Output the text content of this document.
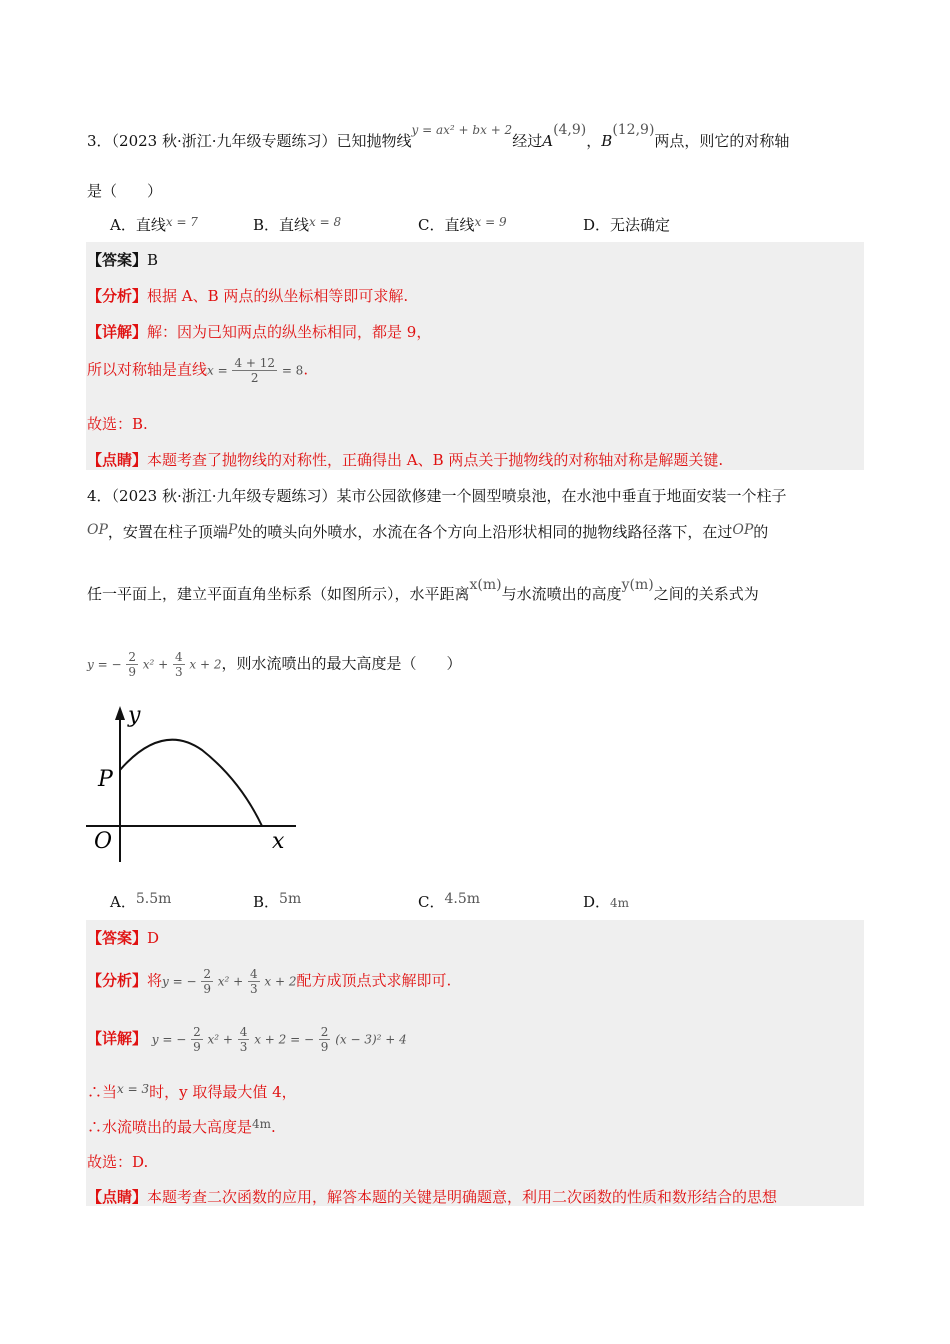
3．（2023 秋·浙江·九年级专题练习）已知抛物线$^{y = ax^2 + bx + 2}$经过A(4,9)，B(12,9)两点，则它的对称轴
是（　　）
A．直线$^{x = 7}$	B．直线$^{x = 8}$	C．直线$^{x = 9}$	D．无法确定
【答案】B
【分析】根据 A、B 两点的纵坐标相等即可求解.
【详解】解：因为已知两点的纵坐标相同，都是 9，
所以对称轴是直线$x = \frac{4 + 12}{2} = 8$.
故选：B.
【点睛】本题考查了抛物线的对称性，正确得出 A、B 两点关于抛物线的对称轴对称是解题关键.
4．（2023 秋·浙江·九年级专题练习）某市公园欲修建一个圆型喷泉池，在水池中垂直于地面安装一个柱子
OP，安置在柱子顶端P处的喷头向外喷水，水流在各个方向上沿形状相同的抛物线路径落下，在过OP的
任一平面上，建立平面直角坐标系（如图所示），水平距离x(m)与水流喷出的高度y(m)之间的关系式为
y = − $\frac{2}{9} x^2 + \frac{4}{3}$ x + 2，则水流喷出的最大高度是（　　）
y
x
P
O
A．5.5m	B．5m	C．4.5m	D．4m
【答案】D
【分析】将y = − $\frac{2}{9} x^2 + \frac{4}{3}$ x + 2配方成顶点式求解即可.
【详解】 y = − $\frac{2}{9} x^2 + \frac{4}{3}$ x + 2 = − $\frac{2}{9} (x - 3)^2 + 4$
∴当$^{x = 3}$时，y 取得最大值 4，
∴水流喷出的最大高度是$^{4m}$.
故选：D.
【点睛】本题考查二次函数的应用，解答本题的关键是明确题意，利用二次函数的性质和数形结合的思想
